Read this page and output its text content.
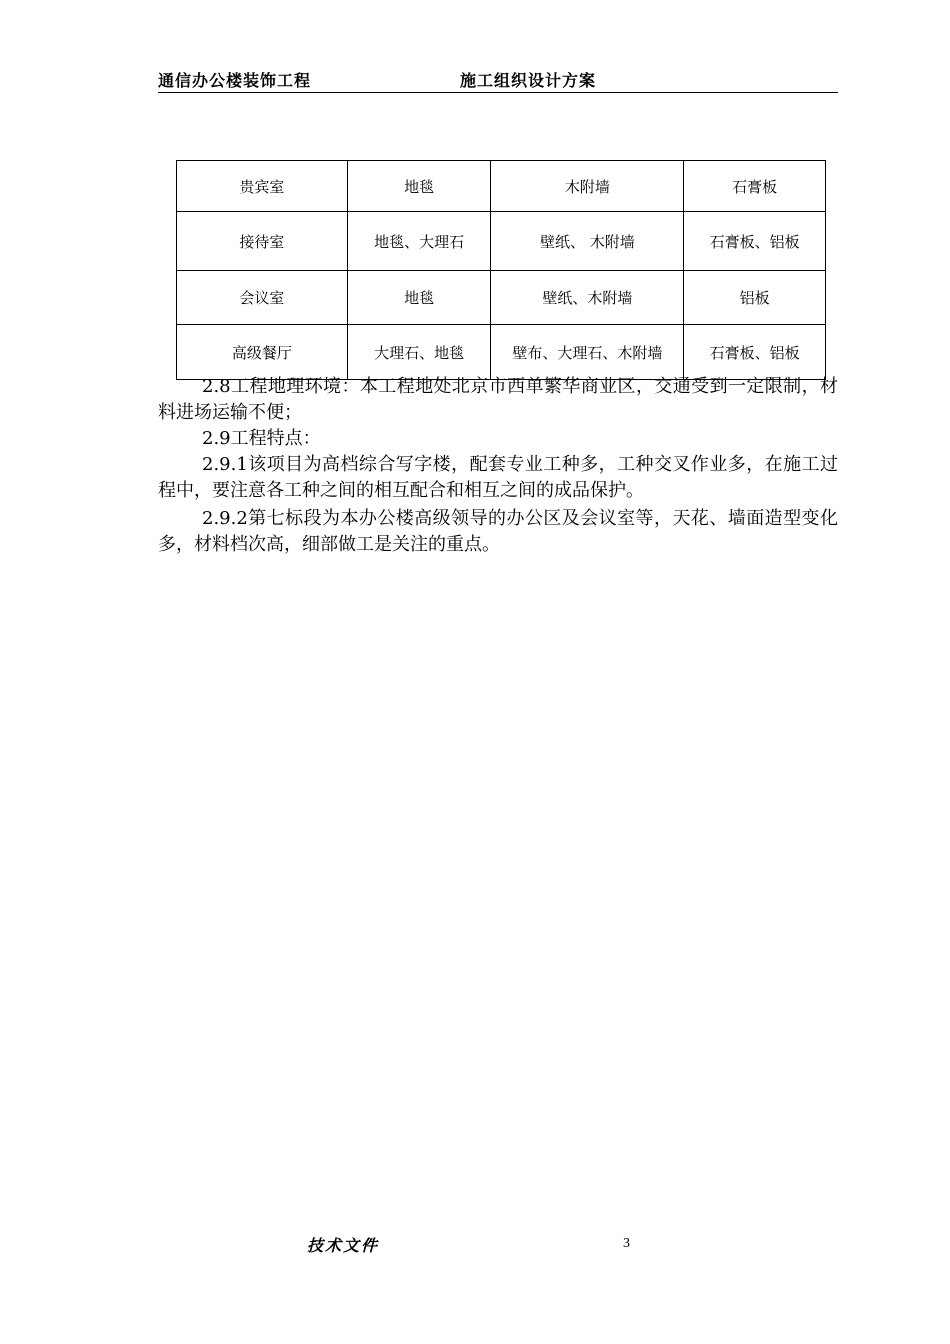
通信办公楼装饰工程	施工组织设计方案
贵宾室	地毯	木附墙	石膏板
接待室	地毯、大理石	壁纸、 木附墙	石膏板、铝板
会议室	地毯	壁纸、木附墙	铝板
高级餐厅	大理石、地毯	壁布、大理石、木附墙	石膏板、铝板

2.8工程地理环境：本工程地处北京市西单繁华商业区，交通受到一定限制，材料进场运输不便；

2.9工程特点：

2.9.1该项目为高档综合写字楼，配套专业工种多，工种交叉作业多，在施工过程中，要注意各工种之间的相互配合和相互之间的成品保护。

2.9.2第七标段为本办公楼高级领导的办公区及会议室等，天花、墙面造型变化多，材料档次高，细部做工是关注的重点。

技术文件	3
